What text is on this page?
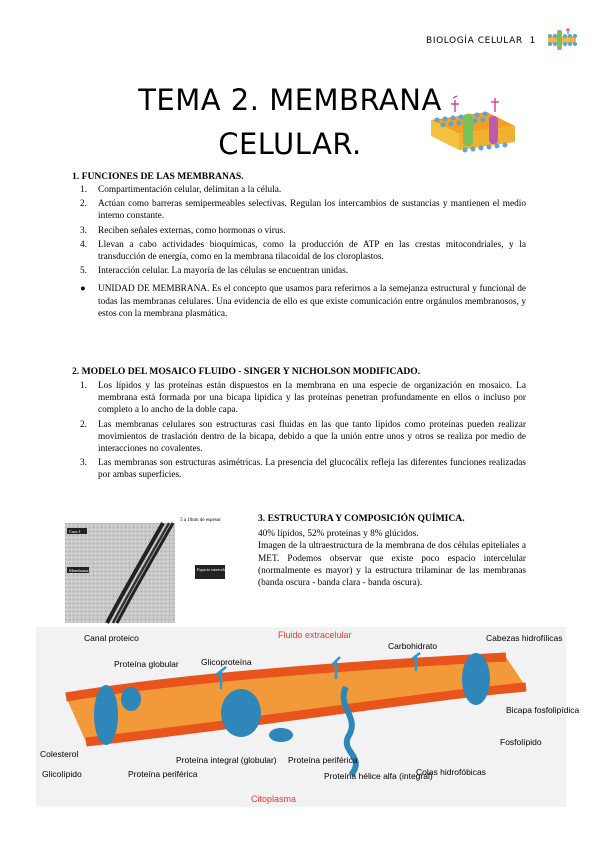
BIOLOGÍA CELULAR 1
TEMA 2. MEMBRANA
CELULAR.
1. FUNCIONES DE LAS MEMBRANAS.
1. Compartimentación celular, delimitan a la célula.
2. Actúan como barreras semipermeables selectivas. Regulan los intercambios de sustancias y mantienen el medio interno constante.
3. Reciben señales externas, como hormonas o virus.
4. Llevan a cabo actividades bioquímicas, como la producción de ATP en las crestas mitocondriales, y la transducción de energía, como en la membrana tilacoidal de los cloroplastos.
5. Interacción celular. La mayoría de las células se encuentran unidas.
● UNIDAD DE MEMBRANA. Es el concepto que usamos para referirnos a la semejanza estructural y funcional de todas las membranas celulares. Una evidencia de ello es que existe comunicación entre orgánulos membranosos, y estos con la membrana plasmática.
2. MODELO DEL MOSAICO FLUIDO - SINGER Y NICHOLSON MODIFICADO.
1. Los lípidos y las proteínas están dispuestos en la membrana en una especie de organización en mosaico. La membrana está formada por una bicapa lipídica y las proteínas penetran profundamente en ellos o incluso por completo a lo ancho de la doble capa.
2. Las membranas celulares son estructuras casi fluidas en las que tanto lípidos como proteínas pueden realizar movimientos de traslación dentro de la bicapa, debido a que la unión entre unos y otros se realiza por medio de interacciones no covalentes.
3. Las membranas son estructuras asimétricas. La presencia del glucocálix refleja las diferentes funciones realizadas por ambas superficies.
Cara 1
Membrana	Espacio intercelular
5 a 10nm de espesor	3. ESTRUCTURA Y COMPOSICIÓN QUÍMICA.
40% lípidos, 52% proteínas y 8% glúcidos.
Imagen de la ultraestructura de la membrana de dos células epiteliales a MET. Podemos observar que existe poco espacio intercelular (normalmente es mayor) y la estructura trilaminar de las membranas (banda oscura - banda clara - banda oscura).
Fluido extracelular
Citoplasma
Canal proteico
Proteína globular	Glicoproteína
Carbohidrato
Cabezas hidrofílicas
Bicapa fosfolipídica
Fosfolípido
Colesterol
Glicolípido	Proteína periférica
Proteína integral (globular) Proteína periférica
Proteína hélice alfa (integral)
Colas hidrofóbicas
